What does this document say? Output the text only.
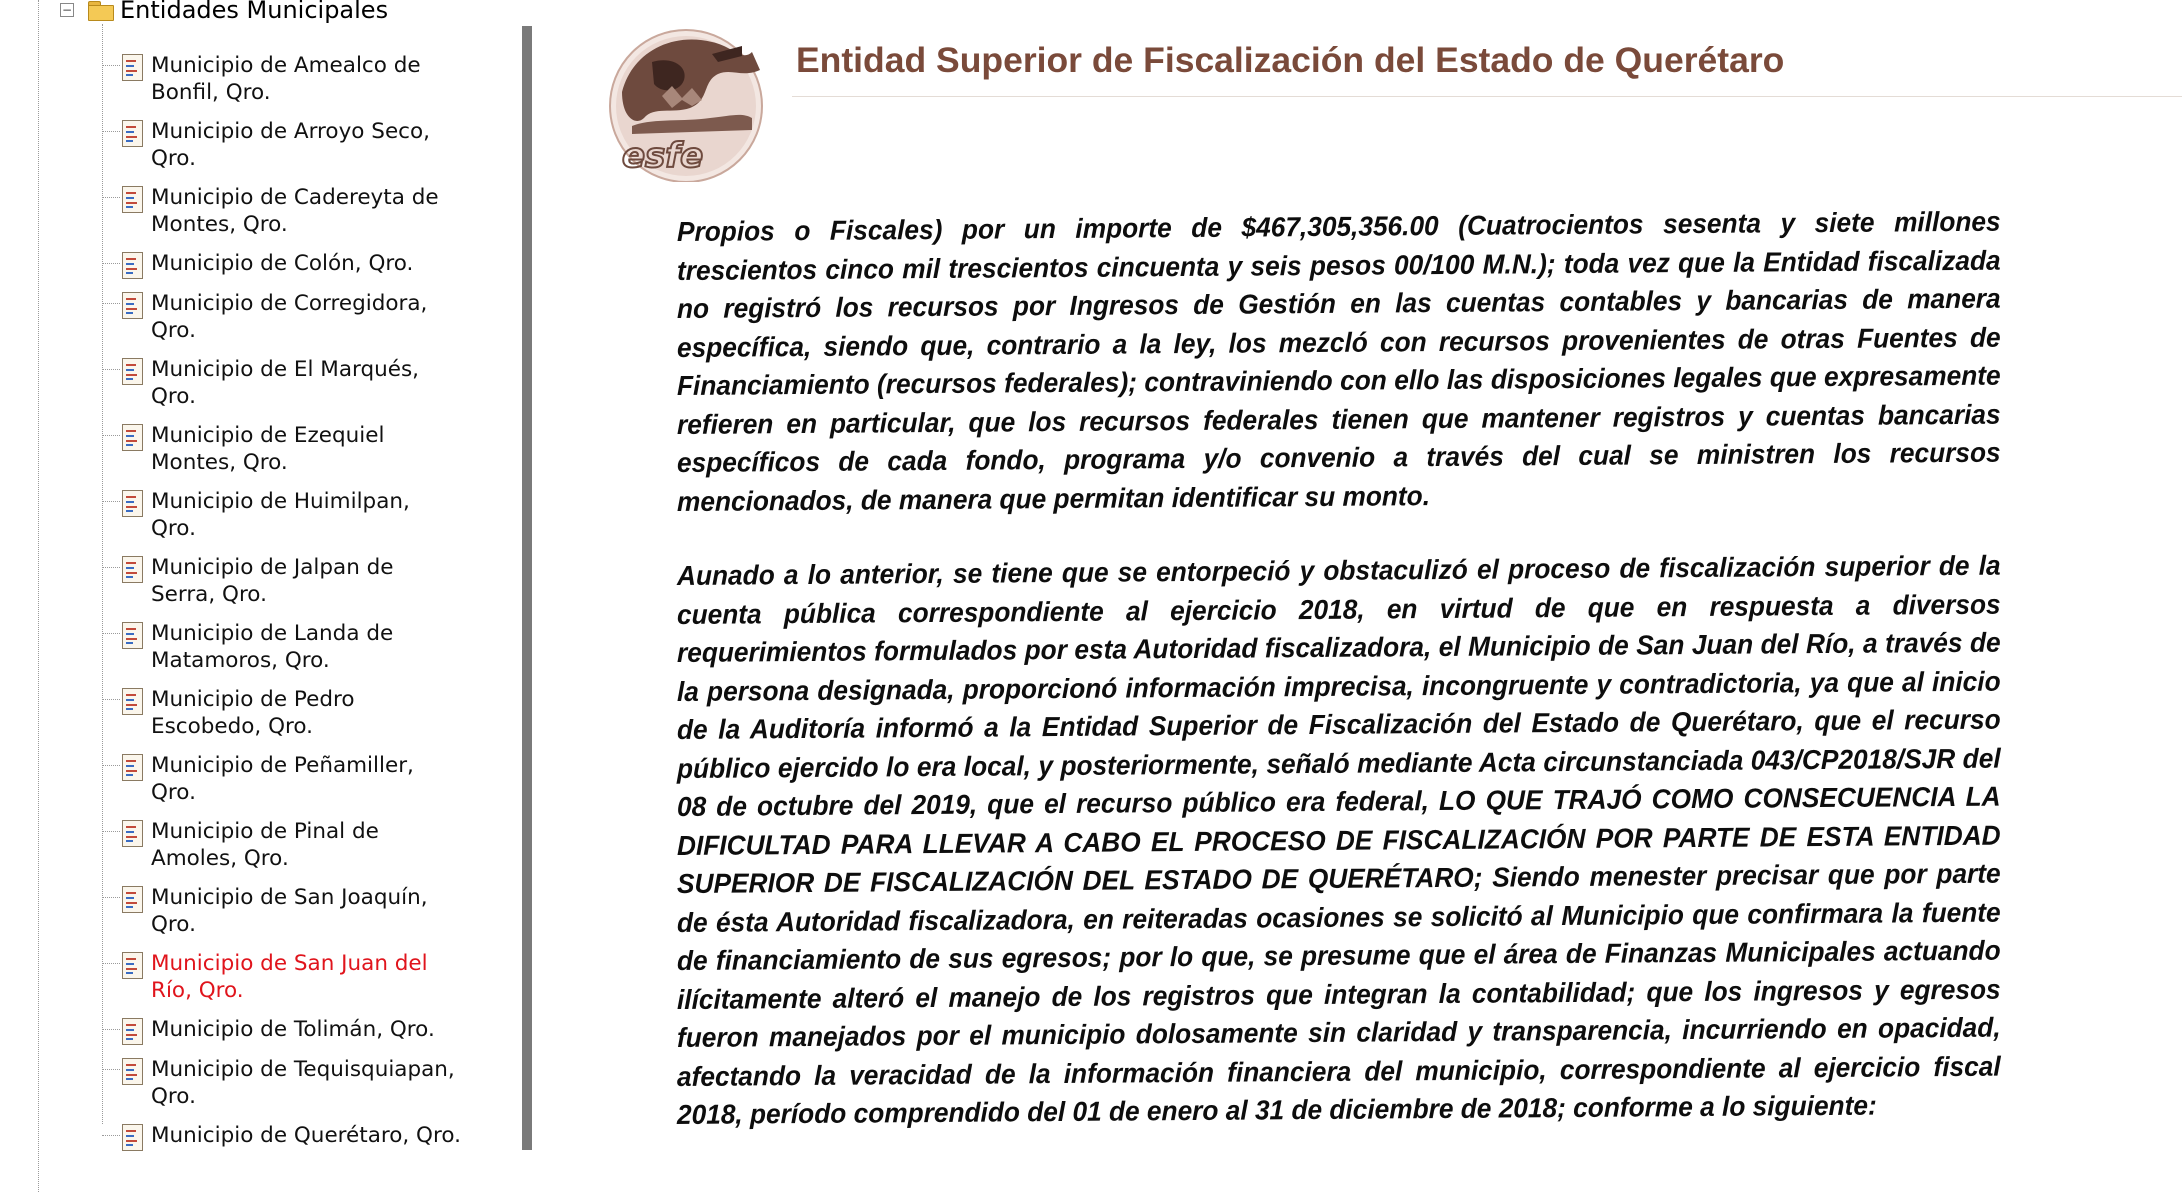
− Entidades Municipales
Municipio de Amealco de Bonfil, Qro.
Municipio de Arroyo Seco, Qro.
Municipio de Cadereyta de Montes, Qro.
Municipio de Colón, Qro.
Municipio de Corregidora, Qro.
Municipio de El Marqués, Qro.
Municipio de Ezequiel Montes, Qro.
Municipio de Huimilpan, Qro.
Municipio de Jalpan de Serra, Qro.
Municipio de Landa de Matamoros, Qro.
Municipio de Pedro Escobedo, Qro.
Municipio de Peñamiller, Qro.
Municipio de Pinal de Amoles, Qro.
Municipio de San Joaquín, Qro.
Municipio de San Juan del Río, Qro.
Municipio de Tolimán, Qro.
Municipio de Tequisquiapan, Qro.
Municipio de Querétaro, Qro.
esfe
Entidad Superior de Fiscalización del Estado de Querétaro

Propios o Fiscales) por un importe de $467,305,356.00 (Cuatrocientos sesenta y siete millones trescientos cinco mil trescientos cincuenta y seis pesos 00/100 M.N.); toda vez que la Entidad fiscalizada no registró los recursos por Ingresos de Gestión en las cuentas contables y bancarias de manera específica, siendo que, contrario a la ley, los mezcló con recursos provenientes de otras Fuentes de Financiamiento (recursos federales); contraviniendo con ello las disposiciones legales que expresamente refieren en particular, que los recursos federales tienen que mantener registros y cuentas bancarias específicos de cada fondo, programa y/o convenio a través del cual se ministren los recursos mencionados, de manera que permitan identificar su monto.

Aunado a lo anterior, se tiene que se entorpeció y obstaculizó el proceso de fiscalización superior de la cuenta pública correspondiente al ejercicio 2018, en virtud de que en respuesta a diversos requerimientos formulados por esta Autoridad fiscalizadora, el Municipio de San Juan del Río, a través de la persona designada, proporcionó información imprecisa, incongruente y contradictoria, ya que al inicio de la Auditoría informó a la Entidad Superior de Fiscalización del Estado de Querétaro, que el recurso público ejercido lo era local, y posteriormente, señaló mediante Acta circunstanciada 043/CP2018/SJR del 08 de octubre del 2019, que el recurso público era federal, LO QUE TRAJÓ COMO CONSECUENCIA LA DIFICULTAD PARA LLEVAR A CABO EL PROCESO DE FISCALIZACIÓN POR PARTE DE ESTA ENTIDAD SUPERIOR DE FISCALIZACIÓN DEL ESTADO DE QUERÉTARO; Siendo menester precisar que por parte de ésta Autoridad fiscalizadora, en reiteradas ocasiones se solicitó al Municipio que confirmara la fuente de financiamiento de sus egresos; por lo que, se presume que el área de Finanzas Municipales actuando ilícitamente alteró el manejo de los registros que integran la contabilidad; que los ingresos y egresos fueron manejados por el municipio dolosamente sin claridad y transparencia, incurriendo en opacidad, afectando la veracidad de la información financiera del municipio, correspondiente al ejercicio fiscal 2018, período comprendido del 01 de enero al 31 de diciembre de 2018; conforme a lo siguiente:
